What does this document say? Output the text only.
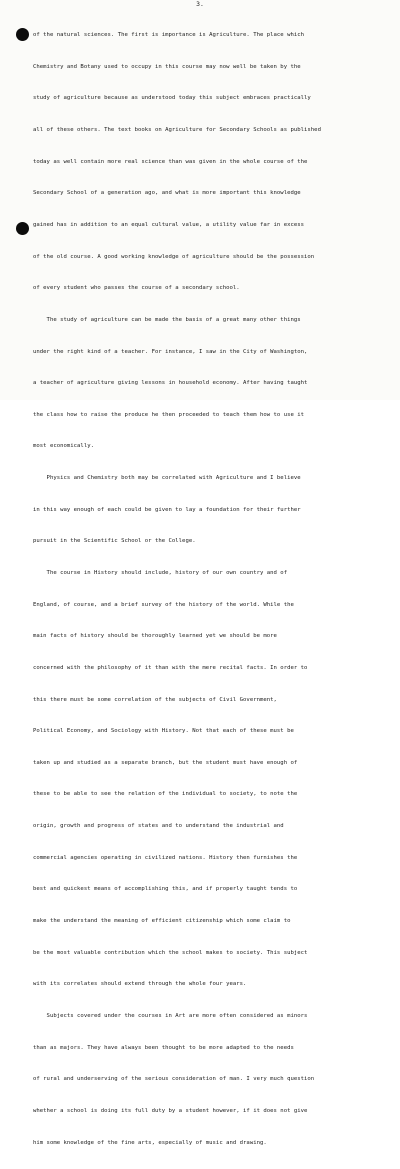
3.

of the natural sciences. The first is importance is Agriculture. The place which

Chemistry and Botany used to occupy in this course may now well be taken by the

study of agriculture because as understood today this subject embraces practically

all of these others. The text books on Agriculture for Secondary Schools as published

today as well contain more real science than was given in the whole course of the

Secondary School of a generation ago, and what is more important this knowledge

gained has in addition to an equal cultural value, a utility value far in excess

of the old course. A good working knowledge of agriculture should be the possession

of every student who passes the course of a secondary school.

The study of agriculture can be made the basis of a great many other things

under the right kind of a teacher. For instance, I saw in the City of Washington,

a teacher of agriculture giving lessons in household economy. After having taught

the class how to raise the produce he then proceeded to teach them how to use it

most economically.

Physics and Chemistry both may be correlated with Agriculture and I believe

in this way enough of each could be given to lay a foundation for their further

pursuit in the Scientific School or the College.

The course in History should include, history of our own country and of

England, of course, and a brief survey of the history of the world. While the

main facts of history should be thoroughly learned yet we should be more

concerned with the philosophy of it than with the mere recital facts. In order to

this there must be some correlation of the subjects of Civil Government,

Political Economy, and Sociology with History. Not that each of these must be

taken up and studied as a separate branch, but the student must have enough of

these to be able to see the relation of the individual to society, to note the

origin, growth and progress of states and to understand the industrial and

commercial agencies operating in civilized nations. History then furnishes the

best and quickest means of accomplishing this, and if properly taught tends to

make the understand the meaning of efficient citizenship which some claim to

be the most valuable contribution which the school makes to society. This subject

with its correlates should extend through the whole four years.

Subjects covered under the courses in Art are more often considered as minors

than as majors. They have always been thought to be more adapted to the needs

of rural and underserving of the serious consideration of man. I very much question

whether a school is doing its full duty by a student however, if it does not give

him some knowledge of the fine arts, especially of music and drawing.
